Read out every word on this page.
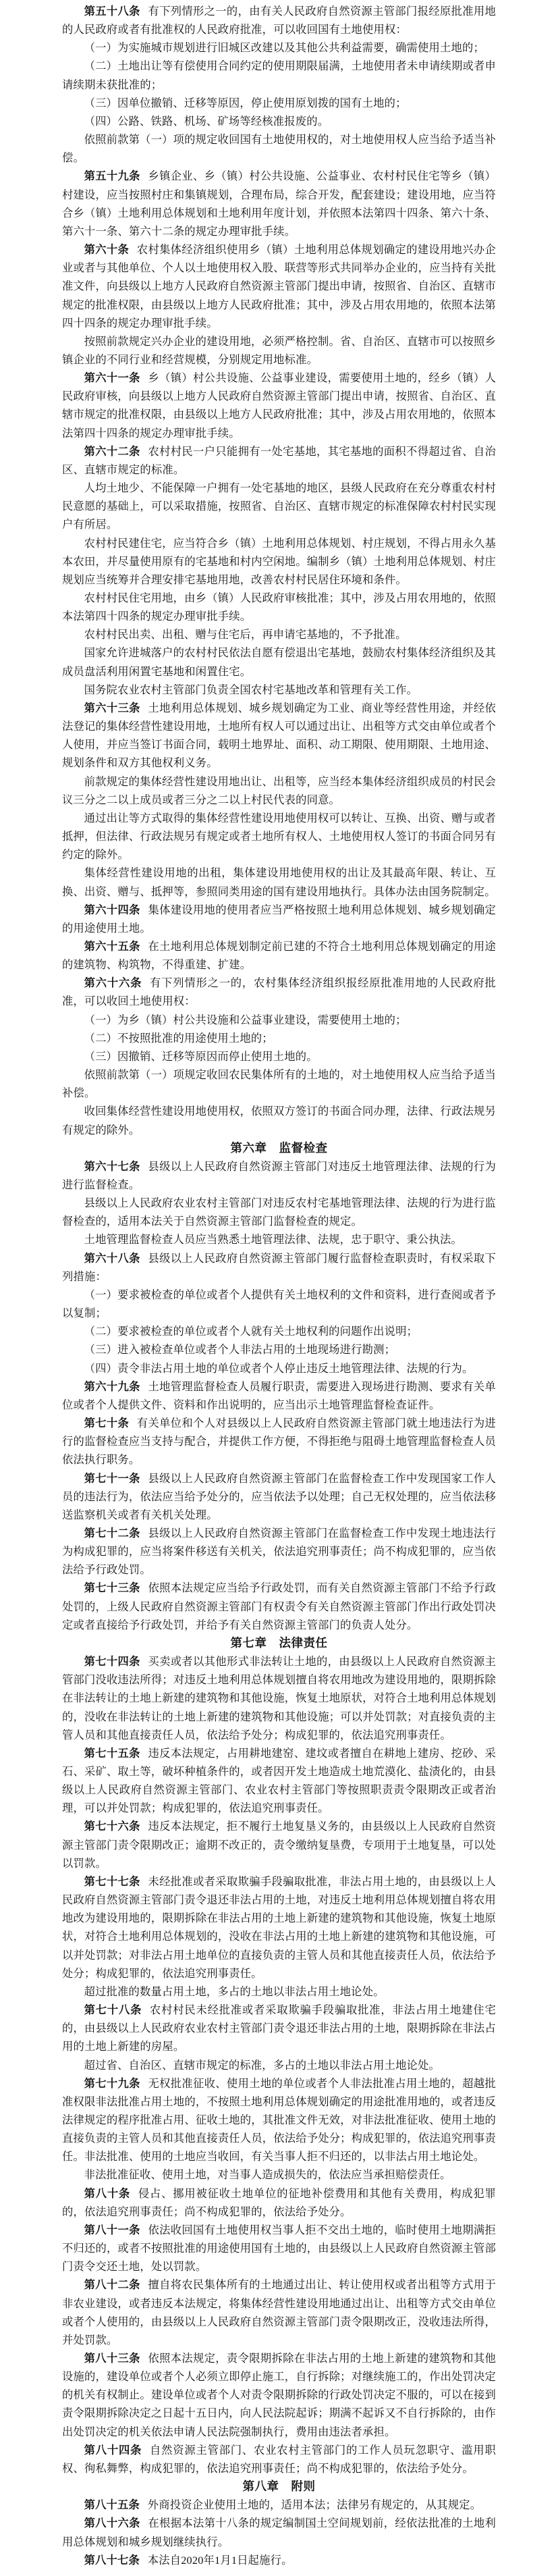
第五十八条 有下列情形之一的，由有关人民政府自然资源主管部门报经原批准用地的人民政府或者有批准权的人民政府批准，可以收回国有土地使用权：

（一）为实施城市规划进行旧城区改建以及其他公共利益需要，确需使用土地的；

（二）土地出让等有偿使用合同约定的使用期限届满，土地使用者未申请续期或者申请续期未获批准的；

（三）因单位撤销、迁移等原因，停止使用原划拨的国有土地的；

（四）公路、铁路、机场、矿场等经核准报废的。

依照前款第（一）项的规定收回国有土地使用权的，对土地使用权人应当给予适当补偿。

第五十九条 乡镇企业、乡（镇）村公共设施、公益事业、农村村民住宅等乡（镇）村建设，应当按照村庄和集镇规划，合理布局，综合开发，配套建设；建设用地，应当符合乡（镇）土地利用总体规划和土地利用年度计划，并依照本法第四十四条、第六十条、第六十一条、第六十二条的规定办理审批手续。

第六十条 农村集体经济组织使用乡（镇）土地利用总体规划确定的建设用地兴办企业或者与其他单位、个人以土地使用权入股、联营等形式共同举办企业的，应当持有关批准文件，向县级以上地方人民政府自然资源主管部门提出申请，按照省、自治区、直辖市规定的批准权限，由县级以上地方人民政府批准；其中，涉及占用农用地的，依照本法第四十四条的规定办理审批手续。

按照前款规定兴办企业的建设用地，必须严格控制。省、自治区、直辖市可以按照乡镇企业的不同行业和经营规模，分别规定用地标准。

第六十一条 乡（镇）村公共设施、公益事业建设，需要使用土地的，经乡（镇）人民政府审核，向县级以上地方人民政府自然资源主管部门提出申请，按照省、自治区、直辖市规定的批准权限，由县级以上地方人民政府批准；其中，涉及占用农用地的，依照本法第四十四条的规定办理审批手续。

第六十二条 农村村民一户只能拥有一处宅基地，其宅基地的面积不得超过省、自治区、直辖市规定的标准。

人均土地少、不能保障一户拥有一处宅基地的地区，县级人民政府在充分尊重农村村民意愿的基础上，可以采取措施，按照省、自治区、直辖市规定的标准保障农村村民实现户有所居。

农村村民建住宅，应当符合乡（镇）土地利用总体规划、村庄规划，不得占用永久基本农田，并尽量使用原有的宅基地和村内空闲地。编制乡（镇）土地利用总体规划、村庄规划应当统筹并合理安排宅基地用地，改善农村村民居住环境和条件。

农村村民住宅用地，由乡（镇）人民政府审核批准；其中，涉及占用农用地的，依照本法第四十四条的规定办理审批手续。

农村村民出卖、出租、赠与住宅后，再申请宅基地的，不予批准。

国家允许进城落户的农村村民依法自愿有偿退出宅基地，鼓励农村集体经济组织及其成员盘活利用闲置宅基地和闲置住宅。

国务院农业农村主管部门负责全国农村宅基地改革和管理有关工作。

第六十三条 土地利用总体规划、城乡规划确定为工业、商业等经营性用途，并经依法登记的集体经营性建设用地，土地所有权人可以通过出让、出租等方式交由单位或者个人使用，并应当签订书面合同，载明土地界址、面积、动工期限、使用期限、土地用途、规划条件和双方其他权利义务。

前款规定的集体经营性建设用地出让、出租等，应当经本集体经济组织成员的村民会议三分之二以上成员或者三分之二以上村民代表的同意。

通过出让等方式取得的集体经营性建设用地使用权可以转让、互换、出资、赠与或者抵押，但法律、行政法规另有规定或者土地所有权人、土地使用权人签订的书面合同另有约定的除外。

集体经营性建设用地的出租，集体建设用地使用权的出让及其最高年限、转让、互换、出资、赠与、抵押等，参照同类用途的国有建设用地执行。具体办法由国务院制定。

第六十四条 集体建设用地的使用者应当严格按照土地利用总体规划、城乡规划确定的用途使用土地。

第六十五条 在土地利用总体规划制定前已建的不符合土地利用总体规划确定的用途的建筑物、构筑物，不得重建、扩建。

第六十六条 有下列情形之一的，农村集体经济组织报经原批准用地的人民政府批准，可以收回土地使用权：

（一）为乡（镇）村公共设施和公益事业建设，需要使用土地的；

（二）不按照批准的用途使用土地的；

（三）因撤销、迁移等原因而停止使用土地的。

依照前款第（一）项规定收回农民集体所有的土地的，对土地使用权人应当给予适当补偿。

收回集体经营性建设用地使用权，依照双方签订的书面合同办理，法律、行政法规另有规定的除外。

第六章　监督检查

第六十七条 县级以上人民政府自然资源主管部门对违反土地管理法律、法规的行为进行监督检查。

县级以上人民政府农业农村主管部门对违反农村宅基地管理法律、法规的行为进行监督检查的，适用本法关于自然资源主管部门监督检查的规定。

土地管理监督检查人员应当熟悉土地管理法律、法规，忠于职守、秉公执法。

第六十八条 县级以上人民政府自然资源主管部门履行监督检查职责时，有权采取下列措施：

（一）要求被检查的单位或者个人提供有关土地权利的文件和资料，进行查阅或者予以复制；

（二）要求被检查的单位或者个人就有关土地权利的问题作出说明；

（三）进入被检查单位或者个人非法占用的土地现场进行勘测；

（四）责令非法占用土地的单位或者个人停止违反土地管理法律、法规的行为。

第六十九条 土地管理监督检查人员履行职责，需要进入现场进行勘测、要求有关单位或者个人提供文件、资料和作出说明的，应当出示土地管理监督检查证件。

第七十条 有关单位和个人对县级以上人民政府自然资源主管部门就土地违法行为进行的监督检查应当支持与配合，并提供工作方便，不得拒绝与阻碍土地管理监督检查人员依法执行职务。

第七十一条 县级以上人民政府自然资源主管部门在监督检查工作中发现国家工作人员的违法行为，依法应当给予处分的，应当依法予以处理；自己无权处理的，应当依法移送监察机关或者有关机关处理。

第七十二条 县级以上人民政府自然资源主管部门在监督检查工作中发现土地违法行为构成犯罪的，应当将案件移送有关机关，依法追究刑事责任；尚不构成犯罪的，应当依法给予行政处罚。

第七十三条 依照本法规定应当给予行政处罚，而有关自然资源主管部门不给予行政处罚的，上级人民政府自然资源主管部门有权责令有关自然资源主管部门作出行政处罚决定或者直接给予行政处罚，并给予有关自然资源主管部门的负责人处分。

第七章　法律责任

第七十四条 买卖或者以其他形式非法转让土地的，由县级以上人民政府自然资源主管部门没收违法所得；对违反土地利用总体规划擅自将农用地改为建设用地的，限期拆除在非法转让的土地上新建的建筑物和其他设施，恢复土地原状，对符合土地利用总体规划的，没收在非法转让的土地上新建的建筑物和其他设施；可以并处罚款；对直接负责的主管人员和其他直接责任人员，依法给予处分；构成犯罪的，依法追究刑事责任。

第七十五条 违反本法规定，占用耕地建窑、建坟或者擅自在耕地上建房、挖砂、采石、采矿、取土等，破坏种植条件的，或者因开发土地造成土地荒漠化、盐渍化的，由县级以上人民政府自然资源主管部门、农业农村主管部门等按照职责责令限期改正或者治理，可以并处罚款；构成犯罪的，依法追究刑事责任。

第七十六条 违反本法规定，拒不履行土地复垦义务的，由县级以上人民政府自然资源主管部门责令限期改正；逾期不改正的，责令缴纳复垦费，专项用于土地复垦，可以处以罚款。

第七十七条 未经批准或者采取欺骗手段骗取批准，非法占用土地的，由县级以上人民政府自然资源主管部门责令退还非法占用的土地，对违反土地利用总体规划擅自将农用地改为建设用地的，限期拆除在非法占用的土地上新建的建筑物和其他设施，恢复土地原状，对符合土地利用总体规划的，没收在非法占用的土地上新建的建筑物和其他设施，可以并处罚款；对非法占用土地单位的直接负责的主管人员和其他直接责任人员，依法给予处分；构成犯罪的，依法追究刑事责任。

超过批准的数量占用土地，多占的土地以非法占用土地论处。

第七十八条 农村村民未经批准或者采取欺骗手段骗取批准，非法占用土地建住宅的，由县级以上人民政府农业农村主管部门责令退还非法占用的土地，限期拆除在非法占用的土地上新建的房屋。

超过省、自治区、直辖市规定的标准，多占的土地以非法占用土地论处。

第七十九条 无权批准征收、使用土地的单位或者个人非法批准占用土地的，超越批准权限非法批准占用土地的，不按照土地利用总体规划确定的用途批准用地的，或者违反法律规定的程序批准占用、征收土地的，其批准文件无效，对非法批准征收、使用土地的直接负责的主管人员和其他直接责任人员，依法给予处分；构成犯罪的，依法追究刑事责任。非法批准、使用的土地应当收回，有关当事人拒不归还的，以非法占用土地论处。

非法批准征收、使用土地，对当事人造成损失的，依法应当承担赔偿责任。

第八十条 侵占、挪用被征收土地单位的征地补偿费用和其他有关费用，构成犯罪的，依法追究刑事责任；尚不构成犯罪的，依法给予处分。

第八十一条 依法收回国有土地使用权当事人拒不交出土地的，临时使用土地期满拒不归还的，或者不按照批准的用途使用国有土地的，由县级以上人民政府自然资源主管部门责令交还土地，处以罚款。

第八十二条 擅自将农民集体所有的土地通过出让、转让使用权或者出租等方式用于非农业建设，或者违反本法规定，将集体经营性建设用地通过出让、出租等方式交由单位或者个人使用的，由县级以上人民政府自然资源主管部门责令限期改正，没收违法所得，并处罚款。

第八十三条 依照本法规定，责令限期拆除在非法占用的土地上新建的建筑物和其他设施的，建设单位或者个人必须立即停止施工，自行拆除；对继续施工的，作出处罚决定的机关有权制止。建设单位或者个人对责令限期拆除的行政处罚决定不服的，可以在接到责令限期拆除决定之日起十五日内，向人民法院起诉；期满不起诉又不自行拆除的，由作出处罚决定的机关依法申请人民法院强制执行，费用由违法者承担。

第八十四条 自然资源主管部门、农业农村主管部门的工作人员玩忽职守、滥用职权、徇私舞弊，构成犯罪的，依法追究刑事责任；尚不构成犯罪的，依法给予处分。

第八章　附则

第八十五条 外商投资企业使用土地的，适用本法；法律另有规定的，从其规定。

第八十六条 在根据本法第十八条的规定编制国土空间规划前，经依法批准的土地利用总体规划和城乡规划继续执行。

第八十七条 本法自2020年1月1日起施行。
